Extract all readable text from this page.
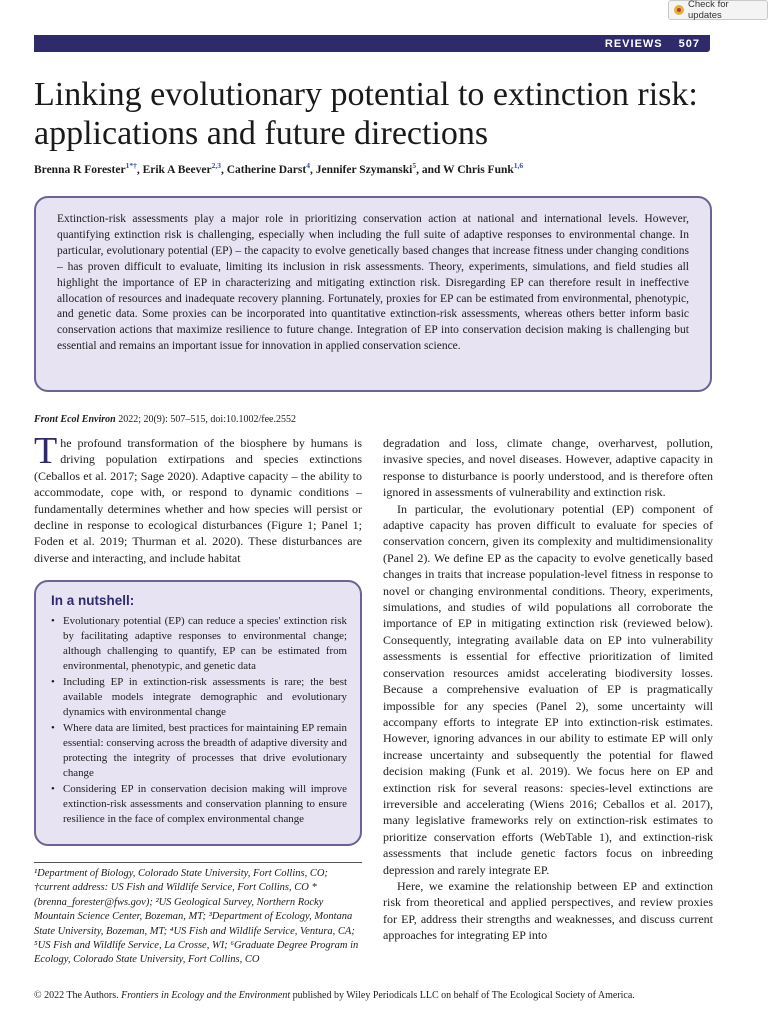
Check for updates
REVIEWS 507
Linking evolutionary potential to extinction risk: applications and future directions
Brenna R Forester$^{1*\dagger}$, Erik A Beever$^{2,3}$, Catherine Darst$^4$, Jennifer Szymanski$^5$, and W Chris Funk$^{1,6}$
Extinction-risk assessments play a major role in prioritizing conservation action at national and international levels. However, quantifying extinction risk is challenging, especially when including the full suite of adaptive responses to environmental change. In particular, evolutionary potential (EP) – the capacity to evolve genetically based changes that increase fitness under changing conditions – has proven difficult to evaluate, limiting its inclusion in risk assessments. Theory, experiments, simulations, and field studies all highlight the importance of EP in characterizing and mitigating extinction risk. Disregarding EP can therefore result in ineffective allocation of resources and inadequate recovery planning. Fortunately, proxies for EP can be estimated from environmental, phenotypic, and genetic data. Some proxies can be incorporated into quantitative extinction-risk assessments, whereas others better inform basic conservation actions that maximize resilience to future change. Integration of EP into conservation decision making is challenging but essential and remains an important issue for innovation in applied conservation science.
Front Ecol Environ 2022; 20(9): 507–515, doi:10.1002/fee.2552

The profound transformation of the biosphere by humans is driving population extirpations and species extinctions (Ceballos et al. 2017; Sage 2020). Adaptive capacity – the ability to accommodate, cope with, or respond to dynamic conditions – fundamentally determines whether and how species will persist or decline in response to ecological disturbances (Figure 1; Panel 1; Foden et al. 2019; Thurman et al. 2020). These disturbances are diverse and interacting, and include habitat

In a nutshell:
• Evolutionary potential (EP) can reduce a species' extinction risk by facilitating adaptive responses to environmental change; although challenging to quantify, EP can be estimated from environmental, phenotypic, and genetic data
• Including EP in extinction-risk assessments is rare; the best available models integrate demographic and evolutionary dynamics with environmental change
• Where data are limited, best practices for maintaining EP remain essential: conserving across the breadth of adaptive diversity and protecting the integrity of processes that drive evolutionary change
• Considering EP in conservation decision making will improve extinction-risk assessments and conservation planning to ensure resilience in the face of complex environmental change
¹Department of Biology, Colorado State University, Fort Collins, CO; †current address: US Fish and Wildlife Service, Fort Collins, CO *(brenna_forester@fws.gov); ²US Geological Survey, Northern Rocky Mountain Science Center, Bozeman, MT; ³Department of Ecology, Montana State University, Bozeman, MT; ⁴US Fish and Wildlife Service, Ventura, CA; ⁵US Fish and Wildlife Service, La Crosse, WI; ⁶Graduate Degree Program in Ecology, Colorado State University, Fort Collins, CO

degradation and loss, climate change, overharvest, pollution, invasive species, and novel diseases. However, adaptive capacity in response to disturbance is poorly understood, and is therefore often ignored in assessments of vulnerability and extinction risk.

In particular, the evolutionary potential (EP) component of adaptive capacity has proven difficult to evaluate for species of conservation concern, given its complexity and multidimensionality (Panel 2). We define EP as the capacity to evolve genetically based changes in traits that increase population-level fitness in response to novel or changing environmental conditions. Theory, experiments, simulations, and studies of wild populations all corroborate the importance of EP in mitigating extinction risk (reviewed below). Consequently, integrating available data on EP into vulnerability assessments is essential for effective prioritization of limited conservation resources amidst accelerating biodiversity losses. Because a comprehensive evaluation of EP is pragmatically impossible for any species (Panel 2), some uncertainty will accompany efforts to integrate EP into extinction-risk estimates. However, ignoring advances in our ability to estimate EP will only increase uncertainty and subsequently the potential for flawed decision making (Funk et al. 2019). We focus here on EP and extinction risk for several reasons: species-level extinctions are irreversible and accelerating (Wiens 2016; Ceballos et al. 2017), many legislative frameworks rely on extinction-risk estimates to prioritize conservation efforts (WebTable 1), and extinction-risk assessments that include genetic factors focus on inbreeding depression and rarely integrate EP.

Here, we examine the relationship between EP and extinction risk from theoretical and applied perspectives, and review proxies for EP, address their strengths and weaknesses, and discuss current approaches for integrating EP into

© 2022 The Authors. Frontiers in Ecology and the Environment published by Wiley Periodicals LLC on behalf of The Ecological Society of America.
